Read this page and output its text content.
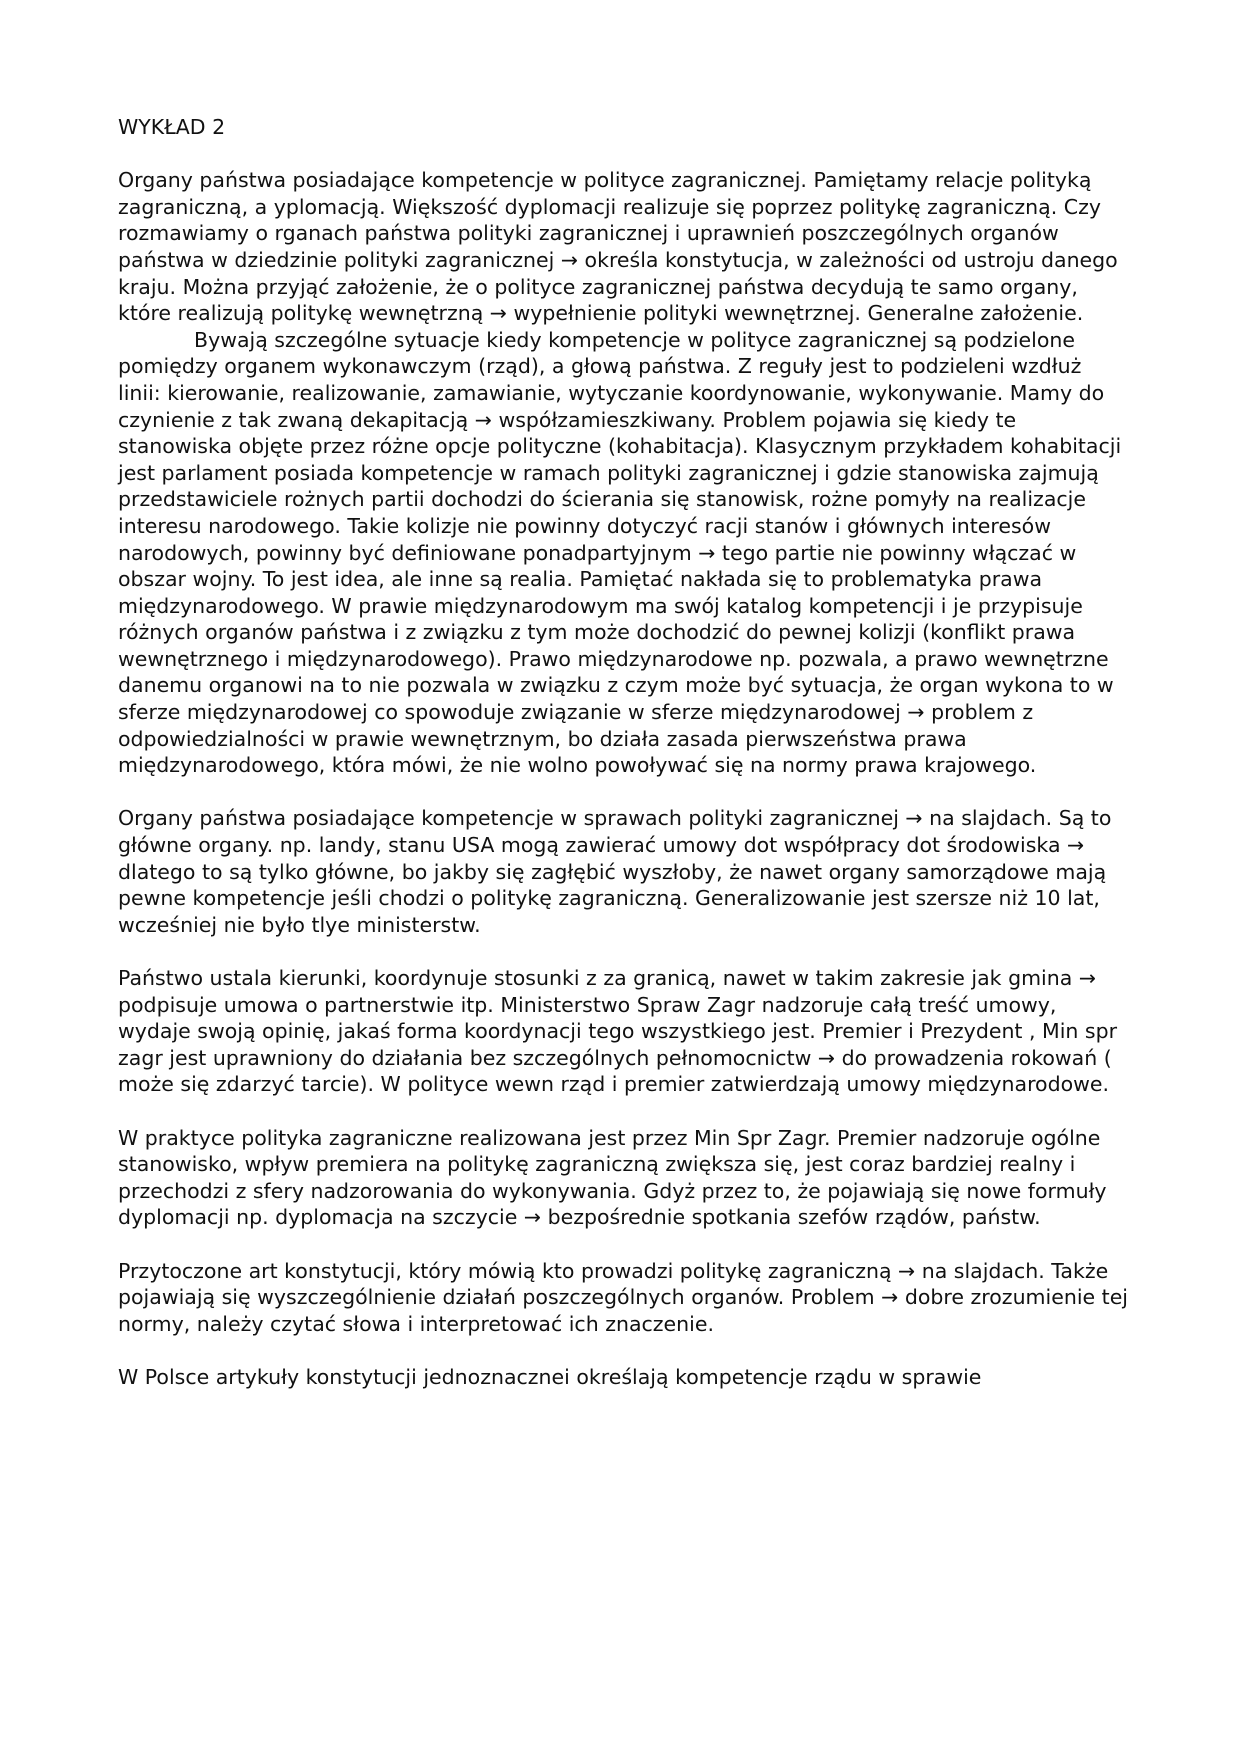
WYKŁAD 2

Organy państwa posiadające kompetencje w polityce zagranicznej. Pamiętamy relacje polityką zagraniczną, a yplomacją. Większość dyplomacji realizuje się poprzez politykę zagraniczną. Czy rozmawiamy o rganach państwa polityki zagranicznej i uprawnień poszczególnych organów państwa w dziedzinie polityki zagranicznej → określa konstytucja, w zależności od ustroju danego kraju. Można przyjąć założenie, że o polityce zagranicznej państwa decydują te samo organy, które realizują politykę wewnętrzną → wypełnienie polityki wewnętrznej. Generalne założenie.

Bywają szczególne sytuacje kiedy kompetencje w polityce zagranicznej są podzielone pomiędzy organem wykonawczym (rząd), a głową państwa. Z reguły jest to podzieleni wzdłuż linii: kierowanie, realizowanie, zamawianie, wytyczanie koordynowanie, wykonywanie. Mamy do czynienie z tak zwaną dekapitacją → współzamieszkiwany. Problem pojawia się kiedy te stanowiska objęte przez różne opcje polityczne (kohabitacja). Klasycznym przykładem kohabitacji jest parlament posiada kompetencje w ramach polityki zagranicznej i gdzie stanowiska zajmują przedstawiciele rożnych partii dochodzi do ścierania się stanowisk, rożne pomyły na realizacje interesu narodowego. Takie kolizje nie powinny dotyczyć racji stanów i głównych interesów narodowych, powinny być definiowane ponadpartyjnym → tego partie nie powinny włączać w obszar wojny. To jest idea, ale inne są realia. Pamiętać nakłada się to problematyka prawa międzynarodowego. W prawie międzynarodowym ma swój katalog kompetencji i je przypisuje różnych organów państwa i z związku z tym może dochodzić do pewnej kolizji (konflikt prawa wewnętrznego i międzynarodowego). Prawo międzynarodowe np. pozwala, a prawo wewnętrzne danemu organowi na to nie pozwala w związku z czym może być sytuacja, że organ wykona to w sferze międzynarodowej co spowoduje związanie w sferze międzynarodowej → problem z odpowiedzialności w prawie wewnętrznym, bo działa zasada pierwszeństwa prawa międzynarodowego, która mówi, że nie wolno powoływać się na normy prawa krajowego.

Organy państwa posiadające kompetencje w sprawach polityki zagranicznej → na slajdach. Są to główne organy. np. landy, stanu USA mogą zawierać umowy dot współpracy dot środowiska → dlatego to są tylko główne, bo jakby się zagłębić wyszłoby, że nawet organy samorządowe mają pewne kompetencje jeśli chodzi o politykę zagraniczną. Generalizowanie jest szersze niż 10 lat, wcześniej nie było tlye ministerstw.

Państwo ustala kierunki, koordynuje stosunki z za granicą, nawet w takim zakresie jak gmina → podpisuje umowa o partnerstwie itp. Ministerstwo Spraw Zagr nadzoruje całą treść umowy, wydaje swoją opinię, jakaś forma koordynacji tego wszystkiego jest. Premier i Prezydent , Min spr zagr jest uprawniony do działania bez szczególnych pełnomocnictw → do prowadzenia rokowań ( może się zdarzyć tarcie). W polityce wewn rząd i premier zatwierdzają umowy międzynarodowe.

W praktyce polityka zagraniczne realizowana jest przez Min Spr Zagr. Premier nadzoruje ogólne stanowisko, wpływ premiera na politykę zagraniczną zwiększa się, jest coraz bardziej realny i przechodzi z sfery nadzorowania do wykonywania. Gdyż przez to, że pojawiają się nowe formuły dyplomacji np. dyplomacja na szczycie → bezpośrednie spotkania szefów rządów, państw.

Przytoczone art konstytucji, który mówią kto prowadzi politykę zagraniczną → na slajdach. Także pojawiają się wyszczególnienie działań poszczególnych organów. Problem → dobre zrozumienie tej normy, należy czytać słowa i interpretować ich znaczenie.

W Polsce artykuły konstytucji jednoznacznei określają kompetencje rządu w sprawie
